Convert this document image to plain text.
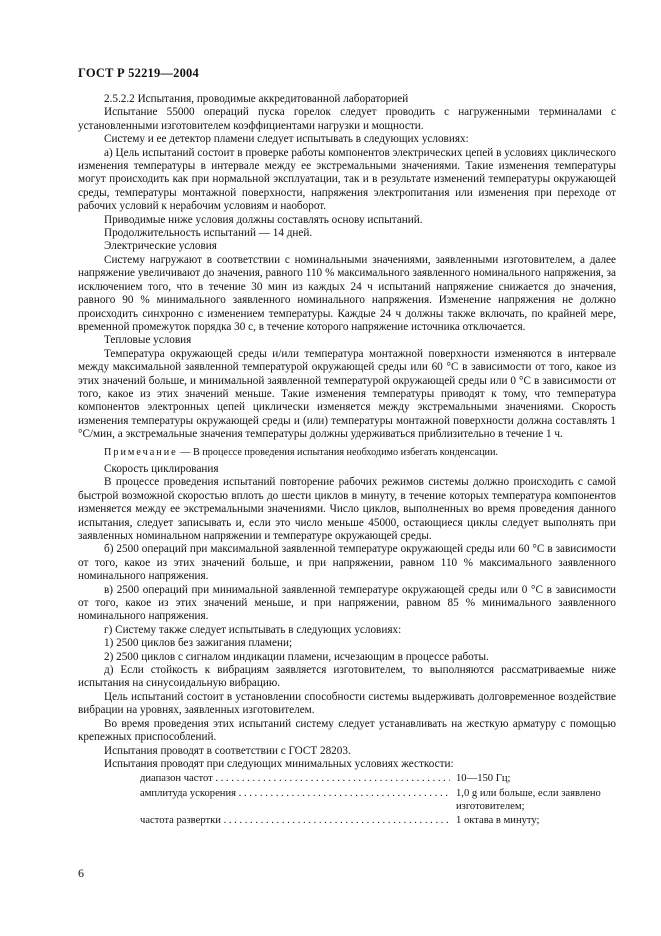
ГОСТ Р 52219—2004

2.5.2.2 Испытания, проводимые аккредитованной лабораторией

Испытание 55000 операций пуска горелок следует проводить с нагруженными терминалами с установленными изготовителем коэффициентами нагрузки и мощности.

Систему и ее детектор пламени следует испытывать в следующих условиях:

а) Цель испытаний состоит в проверке работы компонентов электрических цепей в условиях циклического изменения температуры в интервале между ее экстремальными значениями. Такие изменения температуры могут происходить как при нормальной эксплуатации, так и в результате изменений температуры окружающей среды, температуры монтажной поверхности, напряжения электропитания или изменения при переходе от рабочих условий к нерабочим условиям и наоборот.

Приводимые ниже условия должны составлять основу испытаний.

Продолжительность испытаний — 14 дней.

Электрические условия

Систему нагружают в соответствии с номинальными значениями, заявленными изготовителем, а далее напряжение увеличивают до значения, равного 110 % максимального заявленного номинального напряжения, за исключением того, что в течение 30 мин из каждых 24 ч испытаний напряжение снижается до значения, равного 90 % минимального заявленного номинального напряжения. Изменение напряжения не должно происходить синхронно с изменением температуры. Каждые 24 ч должны также включать, по крайней мере, временной промежуток порядка 30 с, в течение которого напряжение источника отключается.

Тепловые условия

Температура окружающей среды и/или температура монтажной поверхности изменяются в интервале между максимальной заявленной температурой окружающей среды или 60 °С в зависимости от того, какое из этих значений больше, и минимальной заявленной температурой окружающей среды или 0 °С в зависимости от того, какое из этих значений меньше. Такие изменения температуры приводят к тому, что температура компонентов электронных цепей циклически изменяется между экстремальными значениями. Скорость изменения температуры окружающей среды и (или) температуры монтажной поверхности должна составлять 1 °С/мин, а экстремальные значения температуры должны удерживаться приблизительно в течение 1 ч.

Примечание — В процессе проведения испытания необходимо избегать конденсации.

Скорость циклирования

В процессе проведения испытаний повторение рабочих режимов системы должно происходить с самой быстрой возможной скоростью вплоть до шести циклов в минуту, в течение которых температура компонентов изменяется между ее экстремальными значениями. Число циклов, выполненных во время проведения данного испытания, следует записывать и, если это число меньше 45000, остающиеся циклы следует выполнять при заявленных номинальном напряжении и температуре окружающей среды.

б) 2500 операций при максимальной заявленной температуре окружающей среды или 60 °С в зависимости от того, какое из этих значений больше, и при напряжении, равном 110 % максимального заявленного номинального напряжения.

в) 2500 операций при минимальной заявленной температуре окружающей среды или 0 °С в зависимости от того, какое из этих значений меньше, и при напряжении, равном 85 % минимального заявленного номинального напряжения.

г) Систему также следует испытывать в следующих условиях:

1) 2500 циклов без зажигания пламени;

2) 2500 циклов с сигналом индикации пламени, исчезающим в процессе работы.

д) Если стойкость к вибрациям заявляется изготовителем, то выполняются рассматриваемые ниже испытания на синусоидальную вибрацию.

Цель испытаний состоит в установлении способности системы выдерживать долговременное воздействие вибрации на уровнях, заявленных изготовителем.

Во время проведения этих испытаний систему следует устанавливать на жесткую арматуру с помощью крепежных приспособлений.

Испытания проводят в соответствии с ГОСТ 28203.

Испытания проводят при следующих минимальных условиях жесткости:

диапазон частот . . .	10—150 Гц;
амплитуда ускорения . . .	1,0 g или больше, если заявлено изготовителем;
частота развертки . . .	1 октава в минуту;
6
